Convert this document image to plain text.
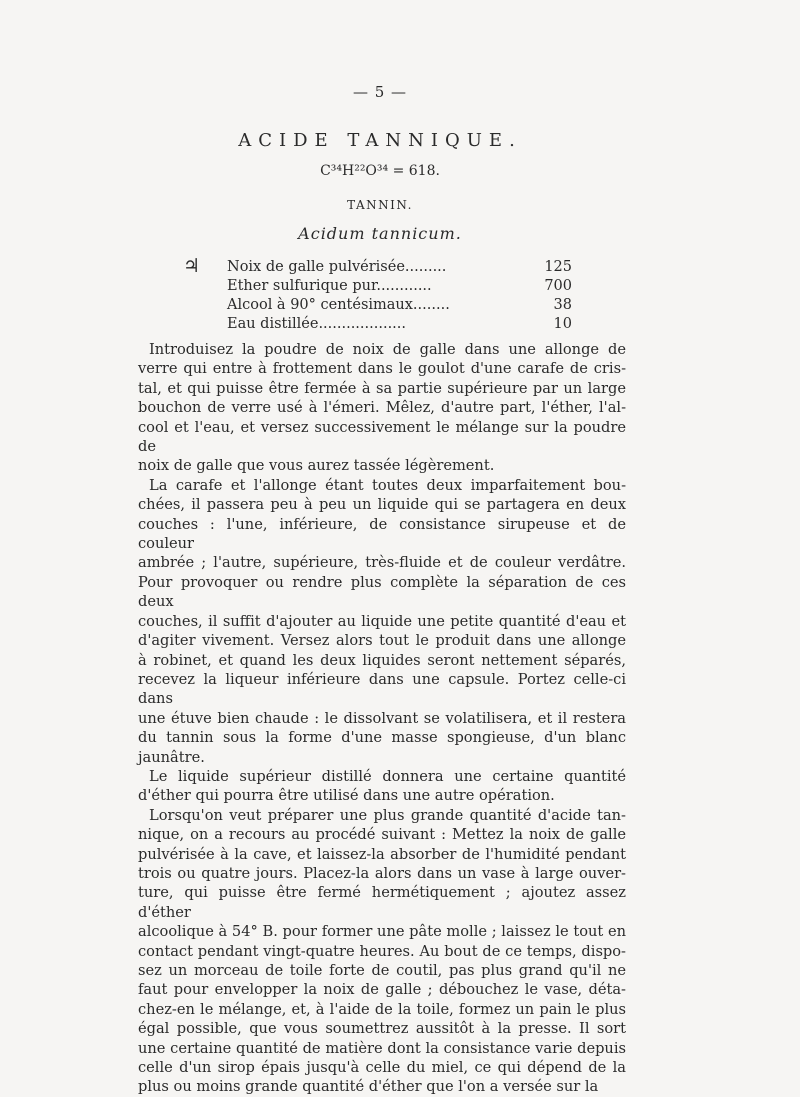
— 5 —
ACIDE TANNIQUE.
C³⁴H²²O³⁴ = 618.
TANNIN.
Acidum tannicum.
♃ Noix de galle pulvérisée.........	125
Ether sulfurique pur............	700
Alcool à 90° centésimaux........	38
Eau distillée...................	10
Introduisez la poudre de noix de galle dans une allonge de
verre qui entre à frottement dans le goulot d'une carafe de cris-
tal, et qui puisse être fermée à sa partie supérieure par un large
bouchon de verre usé à l'émeri. Mêlez, d'autre part, l'éther, l'al-
cool et l'eau, et versez successivement le mélange sur la poudre de
noix de galle que vous aurez tassée légèrement.
La carafe et l'allonge étant toutes deux imparfaitement bou-
chées, il passera peu à peu un liquide qui se partagera en deux
couches : l'une, inférieure, de consistance sirupeuse et de couleur
ambrée ; l'autre, supérieure, très-fluide et de couleur verdâtre.
Pour provoquer ou rendre plus complète la séparation de ces deux
couches, il suffit d'ajouter au liquide une petite quantité d'eau et
d'agiter vivement. Versez alors tout le produit dans une allonge
à robinet, et quand les deux liquides seront nettement séparés,
recevez la liqueur inférieure dans une capsule. Portez celle-ci dans
une étuve bien chaude : le dissolvant se volatilisera, et il restera
du tannin sous la forme d'une masse spongieuse, d'un blanc
jaunâtre.
Le liquide supérieur distillé donnera une certaine quantité
d'éther qui pourra être utilisé dans une autre opération.
Lorsqu'on veut préparer une plus grande quantité d'acide tan-
nique, on a recours au procédé suivant : Mettez la noix de galle
pulvérisée à la cave, et laissez-la absorber de l'humidité pendant
trois ou quatre jours. Placez-la alors dans un vase à large ouver-
ture, qui puisse être fermé hermétiquement ; ajoutez assez d'éther
alcoolique à 54° B. pour former une pâte molle ; laissez le tout en
contact pendant vingt-quatre heures. Au bout de ce temps, dispo-
sez un morceau de toile forte de coutil, pas plus grand qu'il ne
faut pour envelopper la noix de galle ; débouchez le vase, déta-
chez-en le mélange, et, à l'aide de la toile, formez un pain le plus
égal possible, que vous soumettrez aussitôt à la presse. Il sort
une certaine quantité de matière dont la consistance varie depuis
celle d'un sirop épais jusqu'à celle du miel, ce qui dépend de la
plus ou moins grande quantité d'éther que l'on a versée sur la
